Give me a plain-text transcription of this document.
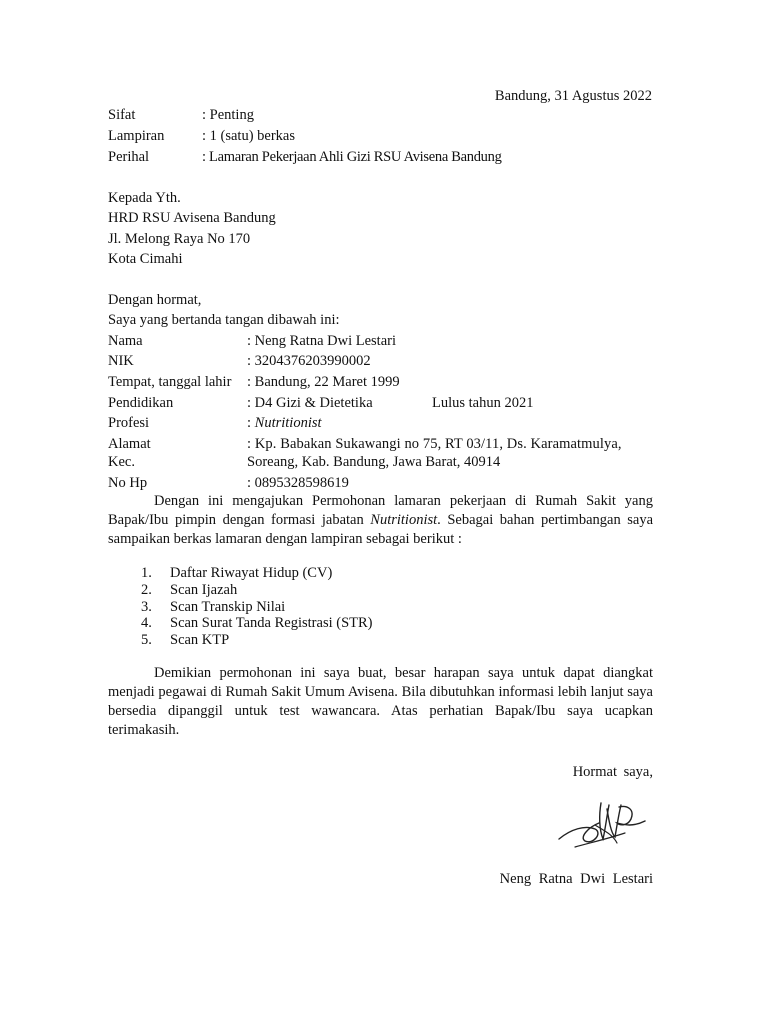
Bandung, 31 Agustus 2022
Sifat	: Penting
Lampiran	: 1 (satu) berkas
Perihal	: Lamaran Pekerjaan Ahli Gizi RSU Avisena Bandung
Kepada Yth.
HRD RSU Avisena Bandung
Jl. Melong Raya No 170
Kota Cimahi
Dengan hormat,
Saya yang bertanda tangan dibawah ini:
Nama	: Neng Ratna Dwi Lestari
NIK	: 3204376203990002
Tempat, tanggal lahir : Bandung, 22 Maret 1999
Pendidikan	: D4 Gizi & Dietetika	Lulus tahun 2021
Profesi	: Nutritionist
Alamat	: Kp. Babakan Sukawangi no 75, RT 03/11, Ds. Karamatmulya,
Kec.	Soreang, Kab. Bandung, Jawa Barat, 40914
No Hp	: 0895328598619
Dengan ini mengajukan Permohonan lamaran pekerjaan di Rumah Sakit yang Bapak/Ibu pimpin dengan formasi jabatan Nutritionist. Sebagai bahan pertimbangan saya sampaikan berkas lamaran dengan lampiran sebagai berikut :
1. Daftar Riwayat Hidup (CV)
2. Scan Ijazah
3. Scan Transkip Nilai
4. Scan Surat Tanda Registrasi (STR)
5. Scan KTP
Demikian permohonan ini saya buat, besar harapan saya untuk dapat diangkat menjadi pegawai di Rumah Sakit Umum Avisena. Bila dibutuhkan informasi lebih lanjut saya bersedia dipanggil untuk test wawancara. Atas perhatian Bapak/Ibu saya ucapkan terimakasih.
Hormat saya,
Neng Ratna Dwi Lestari
